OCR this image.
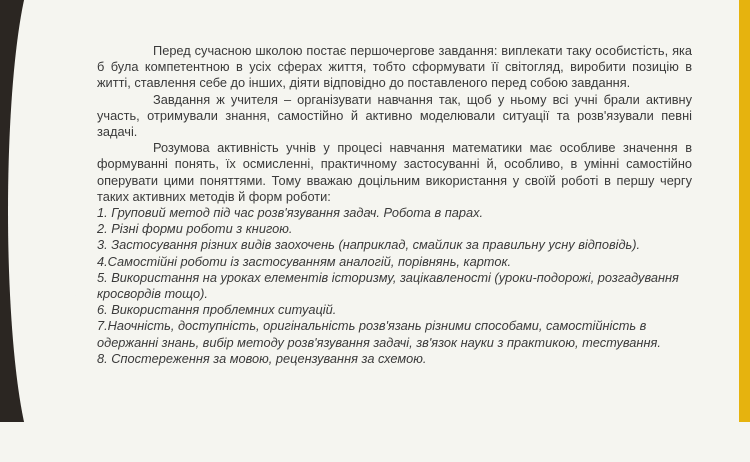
Перед сучасною школою постає першочергове завдання: виплекати таку особистість, яка б була компетентною в усіх сферах життя, тобто сформувати її світогляд, виробити позицію в житті, ставлення себе до інших, діяти відповідно до поставленого перед собою завдання.

Завдання ж учителя – організувати навчання так, щоб у ньому всі учні брали активну участь, отримували знання, самостійно й активно моделювали ситуації та розв'язували певні задачі.

Розумова активність учнів у процесі навчання математики має особливе значення в формуванні понять, їх осмисленні, практичному застосуванні й, особливо, в умінні самостійно оперувати цими поняттями. Тому вважаю доцільним використання у своїй роботі в першу чергу таких активних методів й форм роботи:

1. Груповий метод під час розв'язування задач. Робота в парах.
2. Різні форми роботи з книгою.
3. Застосування різних видів заохочень (наприклад, смайлик за правильну усну відповідь).
4.Самостійні роботи із застосуванням аналогій, порівнянь, карток.
5. Використання на уроках елементів історизму, зацікавленості (уроки-подорожі, розгадування кросвордів тощо).
6. Використання проблемних ситуацій.
7.Наочність, доступність, оригінальність розв'язань різними способами, самостійність в одержанні знань, вибір методу розв'язування задачі, зв'язок науки з практикою, тестування.
8. Спостереження за мовою, рецензування за схемою.
